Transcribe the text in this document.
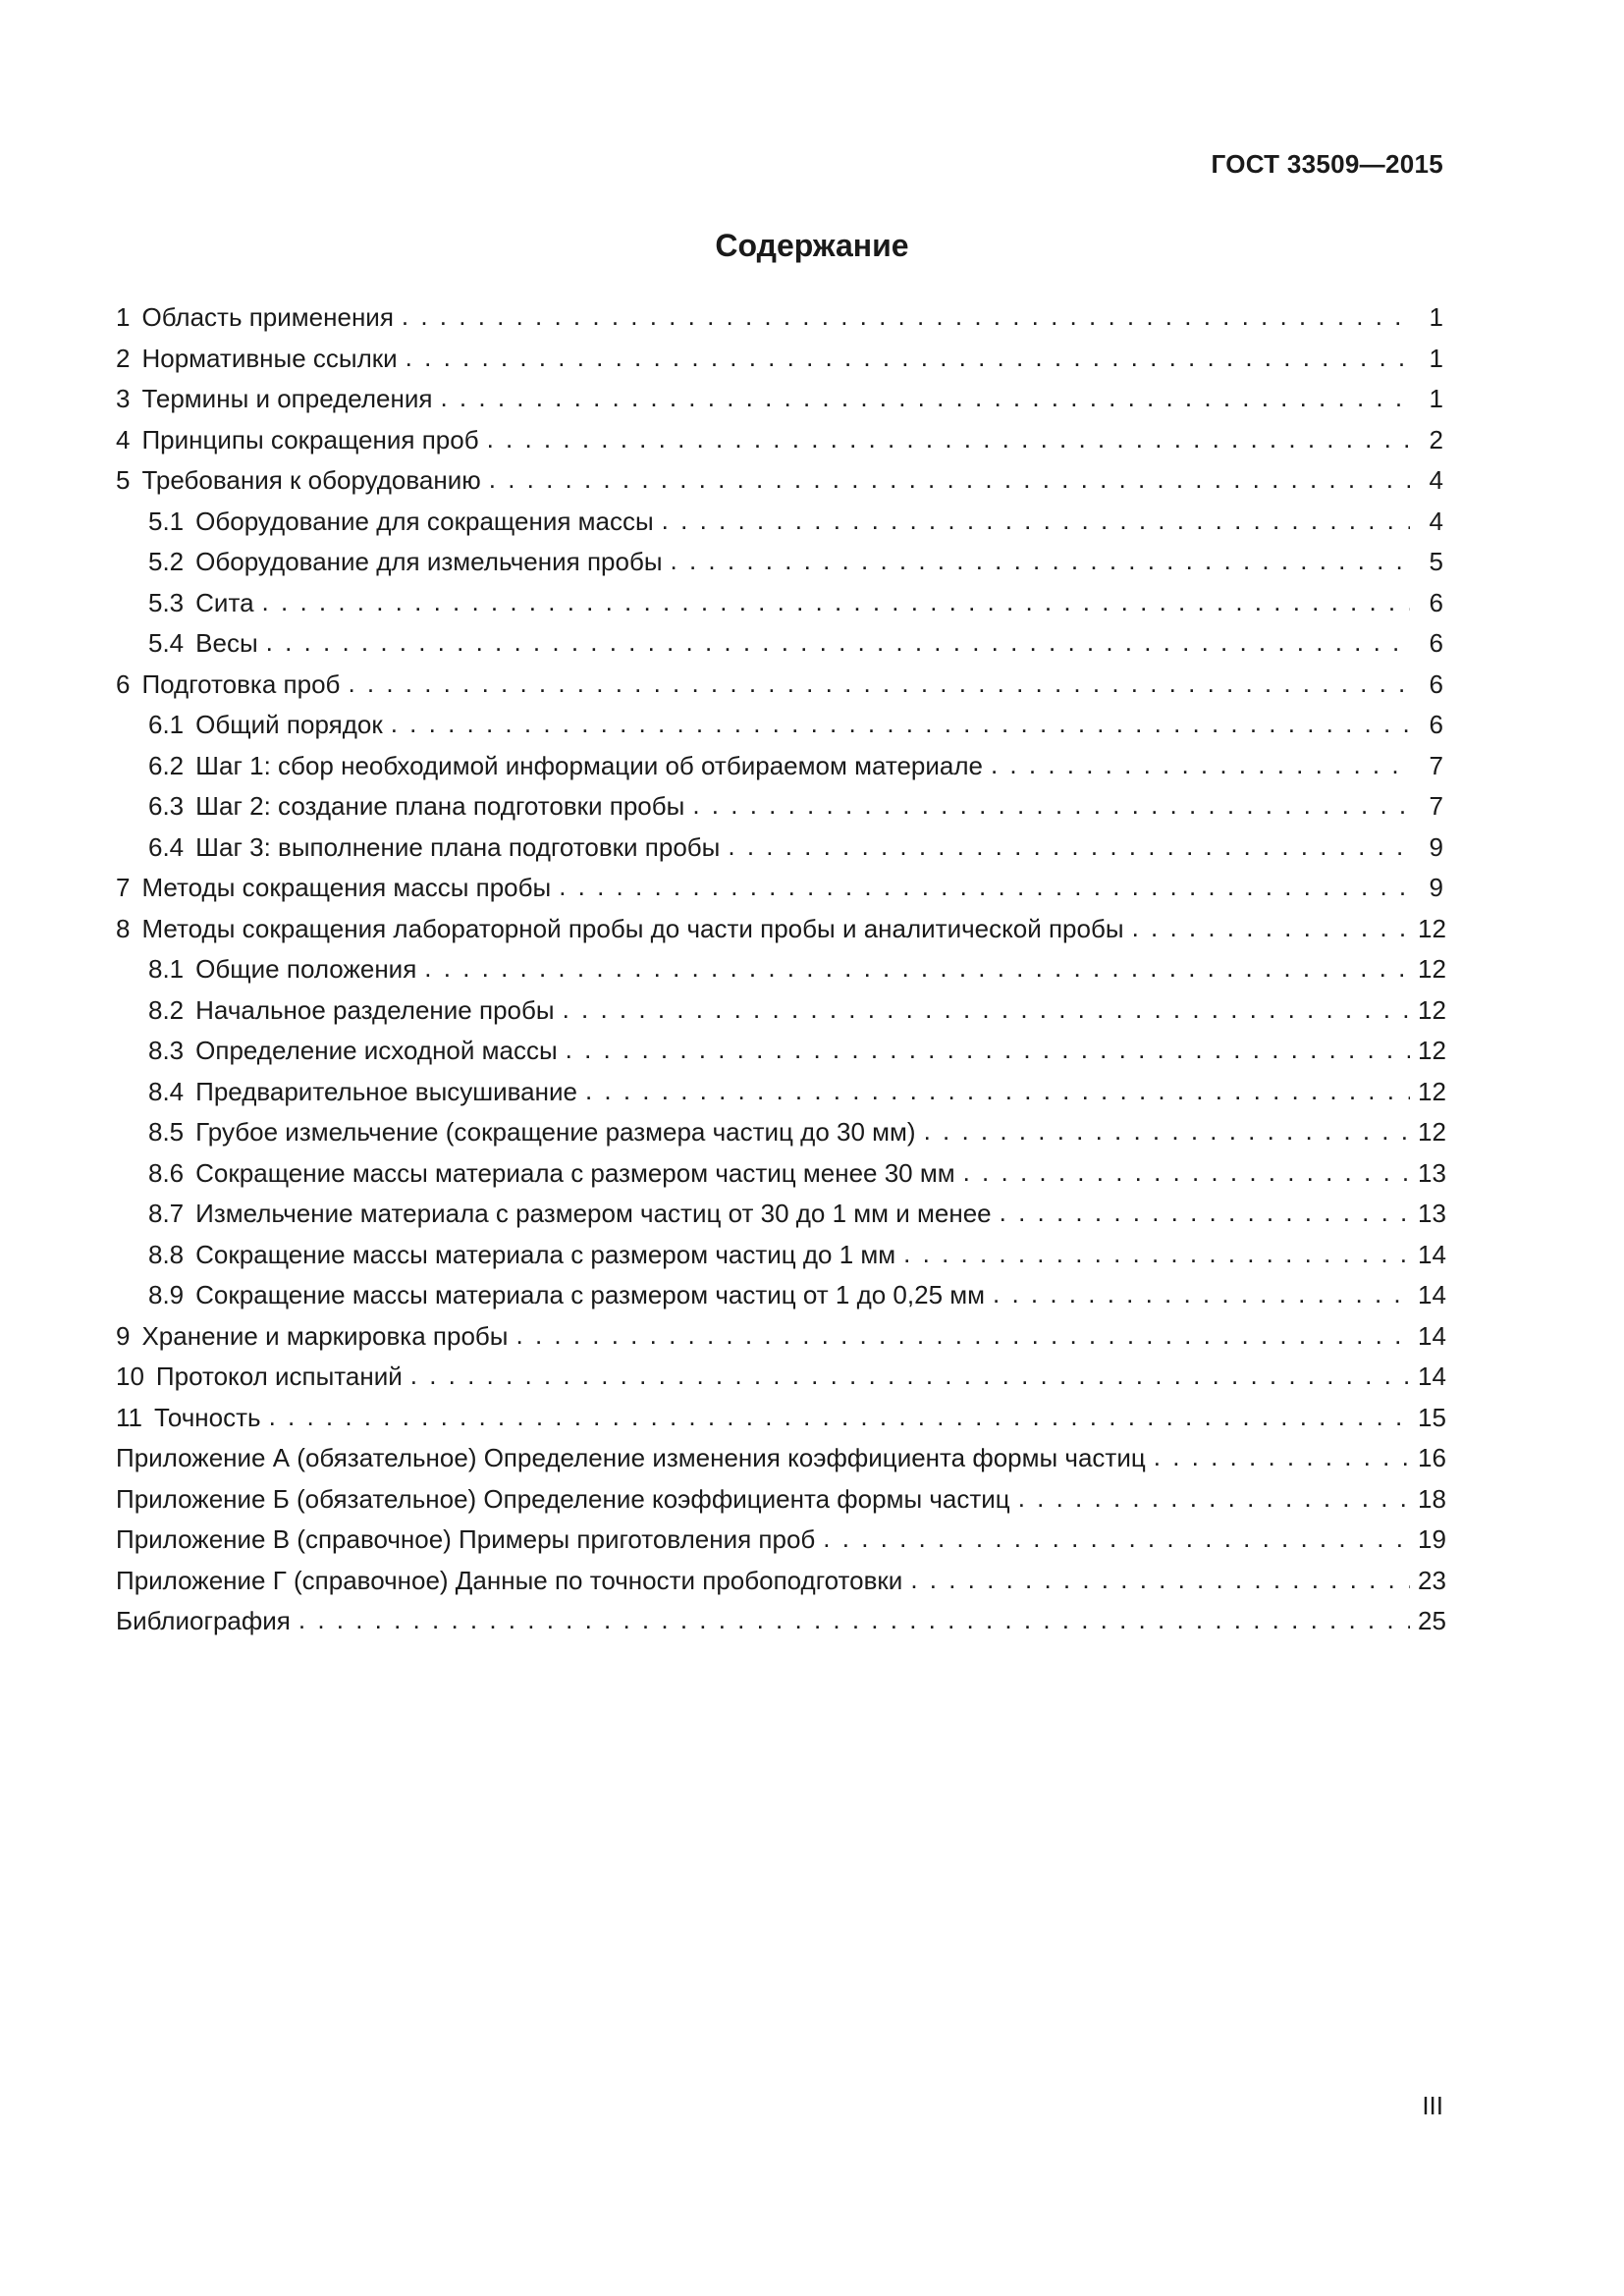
ГОСТ 33509—2015
Содержание
1 Область применения . . .	1
2 Нормативные ссылки . . .	1
3 Термины и определения . . .	1
4 Принципы сокращения проб . . .	2
5 Требования к оборудованию . . .	4
5.1 Оборудование для сокращения массы . . .	4
5.2 Оборудование для измельчения пробы . . .	5
5.3 Сита . . .	6
5.4 Весы . . .	6
6 Подготовка проб . . .	6
6.1 Общий порядок . . .	6
6.2 Шаг 1: сбор необходимой информации об отбираемом материале . . .	7
6.3 Шаг 2: создание плана подготовки пробы . . .	7
6.4 Шаг 3: выполнение плана подготовки пробы . . .	9
7 Методы сокращения массы пробы . . .	9
8 Методы сокращения лабораторной пробы до части пробы и аналитической пробы . . .	12
8.1 Общие положения . . .	12
8.2 Начальное разделение пробы . . .	12
8.3 Определение исходной массы . . .	12
8.4 Предварительное высушивание . . .	12
8.5 Грубое измельчение (сокращение размера частиц до 30 мм) . . .	12
8.6 Сокращение массы материала с размером частиц менее 30 мм . . .	13
8.7 Измельчение материала с размером частиц от 30 до 1 мм и менее . . .	13
8.8 Сокращение массы материала с размером частиц до 1 мм . . .	14
8.9 Сокращение массы материала с размером частиц от 1 до 0,25 мм . . .	14
9 Хранение и маркировка пробы . . .	14
10 Протокол испытаний . . .	14
11 Точность . . .	15
Приложение А (обязательное) Определение изменения коэффициента формы частиц . . .	16
Приложение Б (обязательное) Определение коэффициента формы частиц . . .	18
Приложение В (справочное) Примеры приготовления проб . . .	19
Приложение Г (справочное) Данные по точности пробоподготовки . . .	23
Библиография . . .	25
III
